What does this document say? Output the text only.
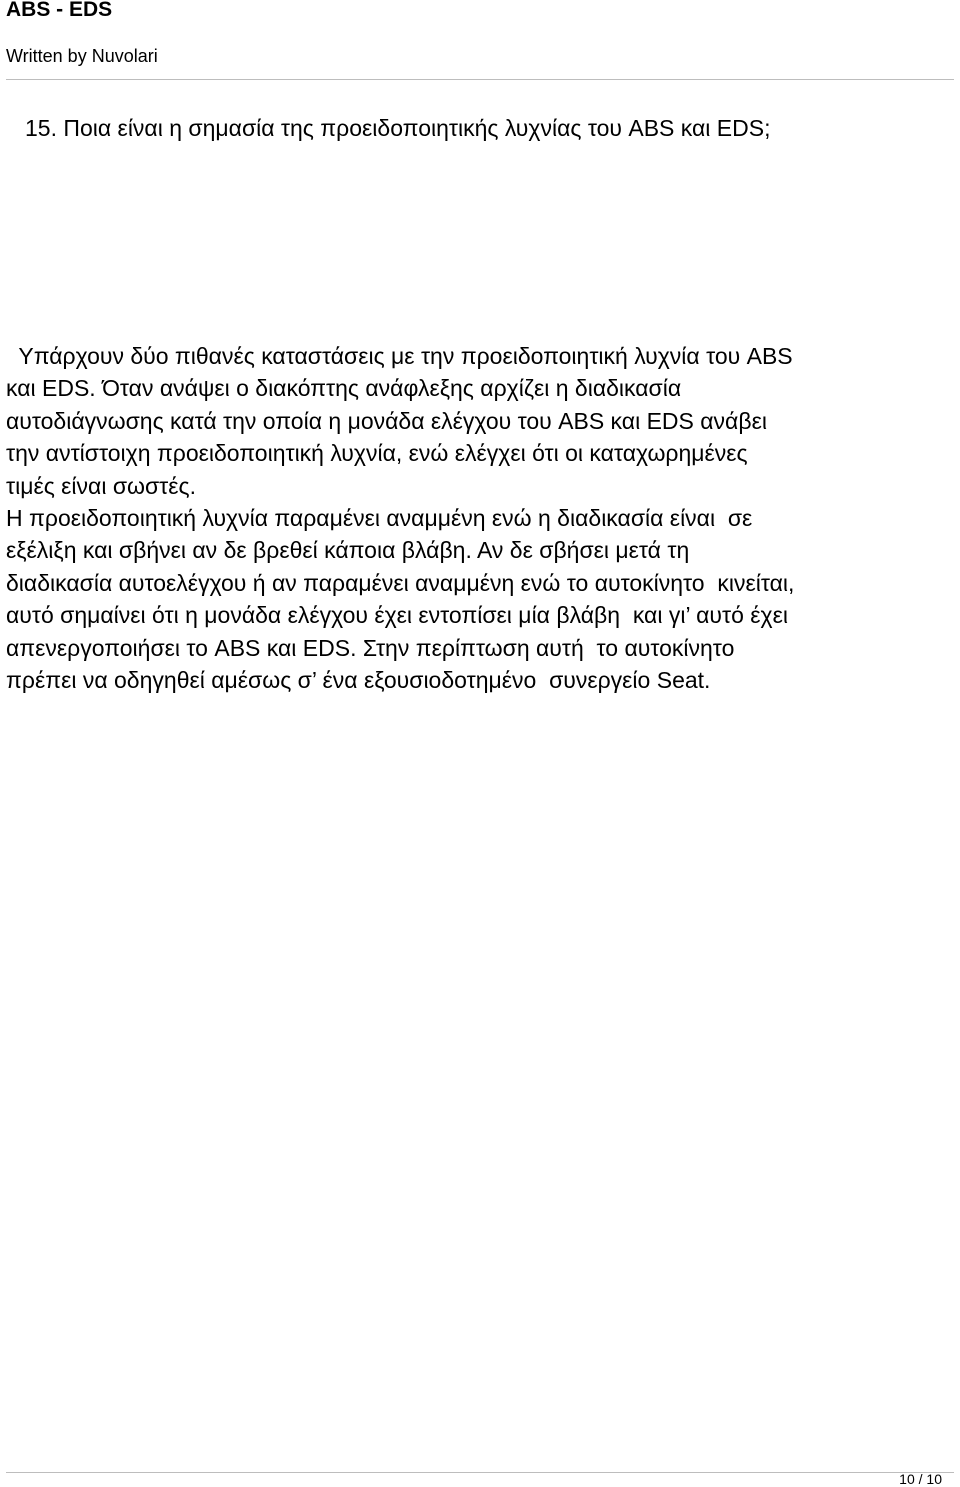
ABS - EDS
Written by Nuvolari
15. Ποια είναι η σημασία της προειδοποιητικής λυχνίας του ABS και EDS;
Υπάρχουν δύο πιθανές καταστάσεις με την προειδοποιητική λυχνία του ABS
και EDS. Όταν ανάψει ο διακόπτης ανάφλεξης αρχίζει η διαδικασία
αυτοδιάγνωσης κατά την οποία η μονάδα ελέγχου του ABS και EDS ανάβει
την αντίστοιχη προειδοποιητική λυχνία, ενώ ελέγχει ότι οι καταχωρημένες
τιμές είναι σωστές.
Η προειδοποιητική λυχνία παραμένει αναμμένη ενώ η διαδικασία είναι  σε
εξέλιξη και σβήνει αν δε βρεθεί κάποια βλάβη. Αν δε σβήσει μετά τη
διαδικασία αυτοελέγχου ή αν παραμένει αναμμένη ενώ το αυτοκίνητο  κινείται,
αυτό σημαίνει ότι η μονάδα ελέγχου έχει εντοπίσει μία βλάβη  και γι’ αυτό έχει
απενεργοποιήσει το ABS και EDS. Στην περίπτωση αυτή  το αυτοκίνητο
πρέπει να οδηγηθεί αμέσως σ’ ένα εξουσιοδοτημένο  συνεργείο Seat.
10 / 10
